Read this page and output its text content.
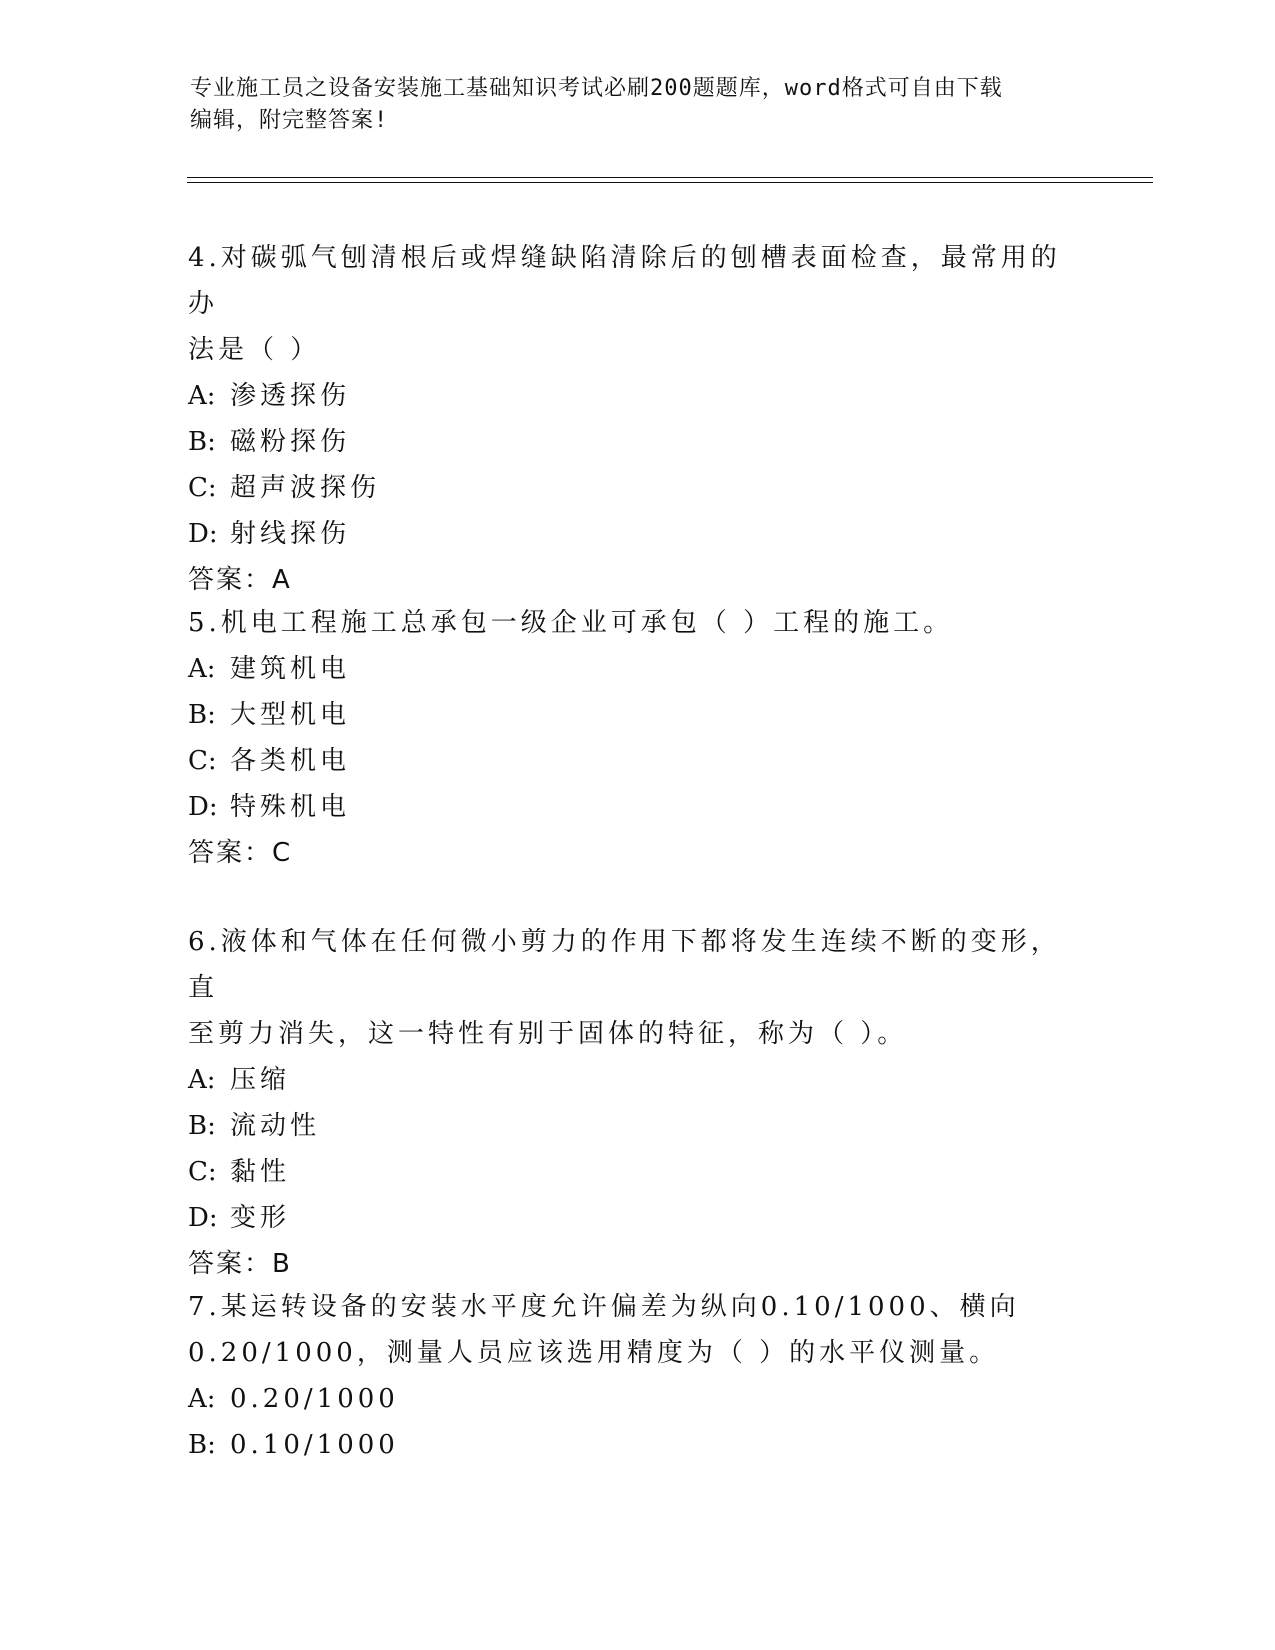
专业施工员之设备安装施工基础知识考试必刷200题题库，word格式可自由下载
编辑，附完整答案!

4.对碳弧气刨清根后或焊缝缺陷清除后的刨槽表面检查，最常用的办

法是（ ）

A: 渗透探伤

B: 磁粉探伤

C: 超声波探伤

D: 射线探伤

答案：A

5.机电工程施工总承包一级企业可承包（ ）工程的施工。

A: 建筑机电

B: 大型机电

C: 各类机电

D: 特殊机电

答案：C

6.液体和气体在任何微小剪力的作用下都将发生连续不断的变形，直

至剪力消失，这一特性有别于固体的特征，称为（ ）。

A: 压缩

B: 流动性

C: 黏性

D: 变形

答案：B

7.某运转设备的安装水平度允许偏差为纵向0.10/1000、横向

0.20/1000，测量人员应该选用精度为（ ）的水平仪测量。

A: 0.20/1000

B: 0.10/1000
